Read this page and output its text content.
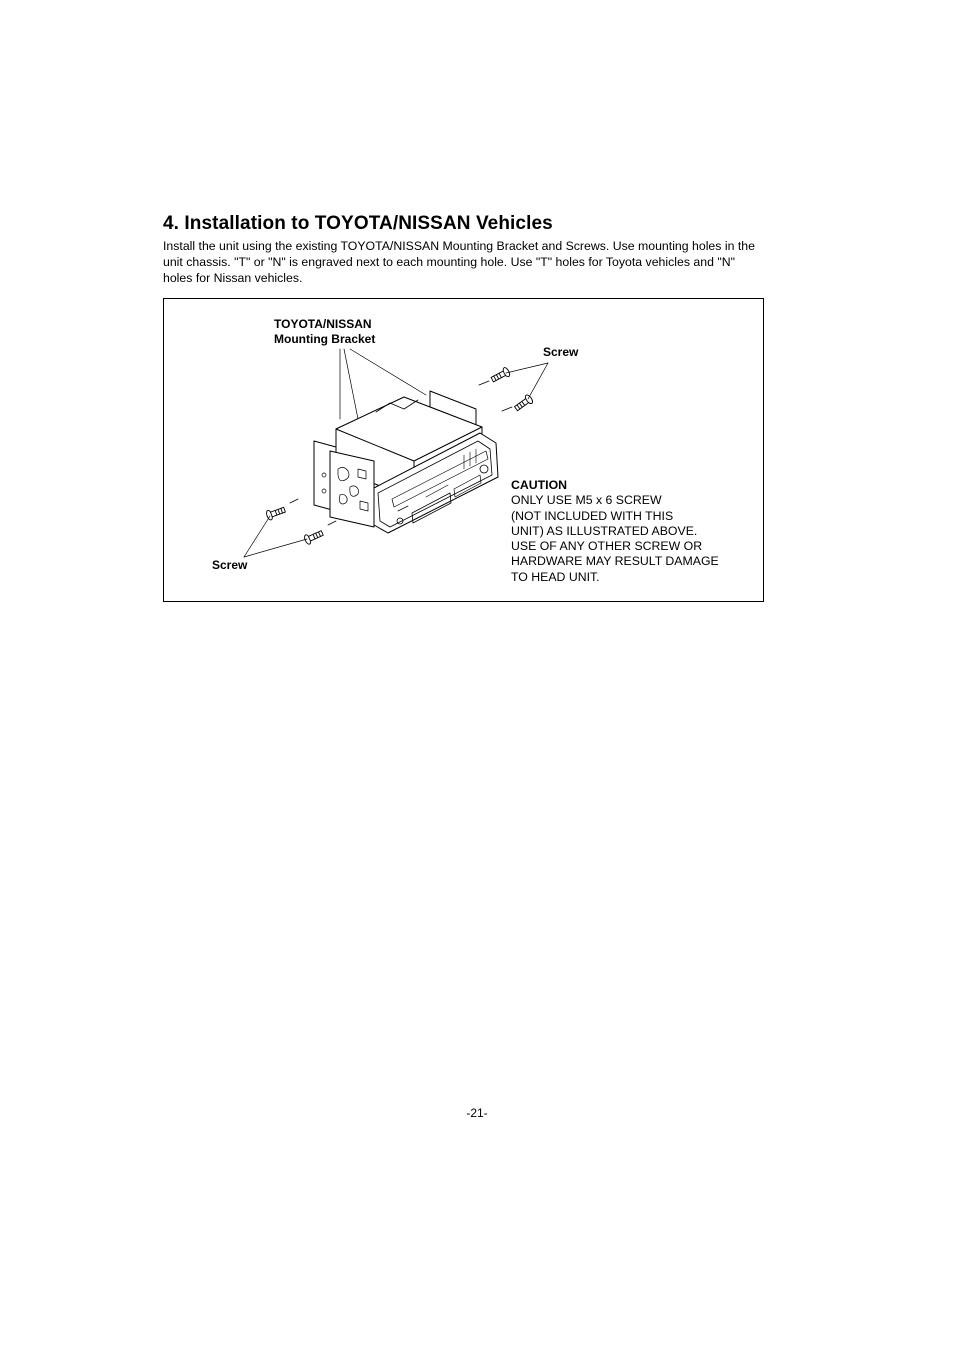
4. Installation to TOYOTA/NISSAN Vehicles

Install the unit using the existing TOYOTA/NISSAN Mounting Bracket and Screws. Use mounting holes in the unit chassis. "T" or "N" is engraved next to each mounting hole. Use "T" holes for Toyota vehicles and "N" holes for Nissan vehicles.

TOYOTA/NISSAN
Mounting Bracket
Screw
Screw
CAUTION
ONLY USE M5 x 6 SCREW
(NOT INCLUDED WITH THIS
UNIT) AS ILLUSTRATED ABOVE.
USE OF ANY OTHER SCREW OR
HARDWARE MAY RESULT DAMAGE
TO HEAD UNIT.
-21-
